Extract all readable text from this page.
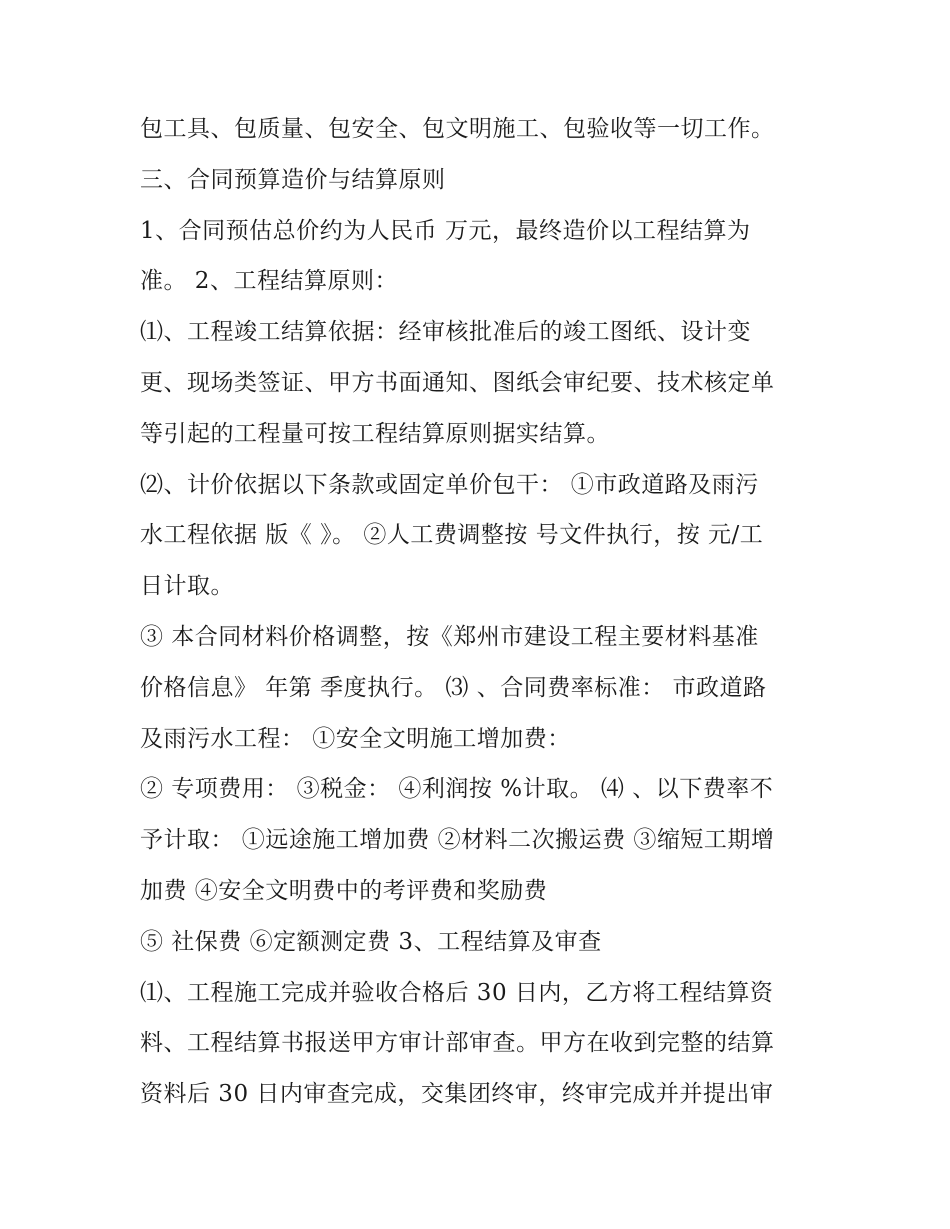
包工具、包质量、包安全、包文明施工、包验收等一切工作。
三、合同预算造价与结算原则
1、合同预估总价约为人民币 万元，最终造价以工程结算为
准。 2、工程结算原则：
⑴、工程竣工结算依据：经审核批准后的竣工图纸、设计变
更、现场类签证、甲方书面通知、图纸会审纪要、技术核定单
等引起的工程量可按工程结算原则据实结算。
⑵、计价依据以下条款或固定单价包干： ①市政道路及雨污
水工程依据 版《 》。 ②人工费调整按 号文件执行，按 元/工
日计取。
③ 本合同材料价格调整，按《郑州市建设工程主要材料基准
价格信息》 年第 季度执行。 ⑶ 、合同费率标准： 市政道路
及雨污水工程： ①安全文明施工增加费：
② 专项费用： ③税金： ④利润按 %计取。 ⑷ 、以下费率不
予计取： ①远途施工增加费 ②材料二次搬运费 ③缩短工期增
加费 ④安全文明费中的考评费和奖励费
⑤ 社保费 ⑥定额测定费 3、工程结算及审查
⑴、工程施工完成并验收合格后 30 日内，乙方将工程结算资
料、工程结算书报送甲方审计部审查。甲方在收到完整的结算
资料后 30 日内审查完成，交集团终审，终审完成并并提出审
